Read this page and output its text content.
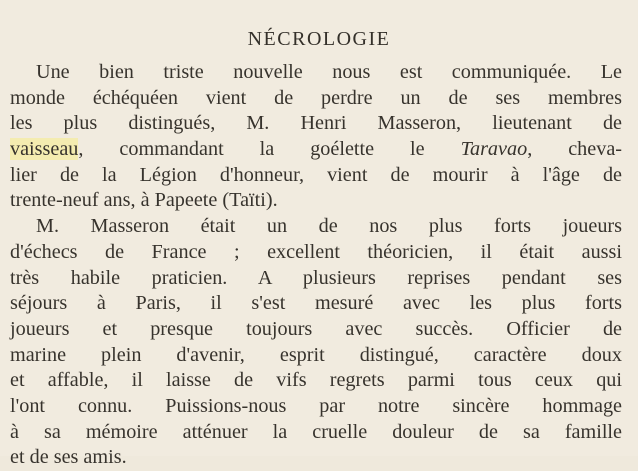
NÉCROLOGIE
Une bien triste nouvelle nous est communiquée. Le
monde échéquéen vient de perdre un de ses membres
les plus distingués, M. Henri Masseron, lieutenant de
vaisseau, commandant la goélette le Taravao, cheva-
lier de la Légion d'honneur, vient de mourir à l'âge de
trente-neuf ans, à Papeete (Taïti).
M. Masseron était un de nos plus forts joueurs
d'échecs de France ; excellent théoricien, il était aussi
très habile praticien. A plusieurs reprises pendant ses
séjours à Paris, il s'est mesuré avec les plus forts
joueurs et presque toujours avec succès. Officier de
marine plein d'avenir, esprit distingué, caractère doux
et affable, il laisse de vifs regrets parmi tous ceux qui
l'ont connu. Puissions-nous par notre sincère hommage
à sa mémoire atténuer la cruelle douleur de sa famille
et de ses amis.
